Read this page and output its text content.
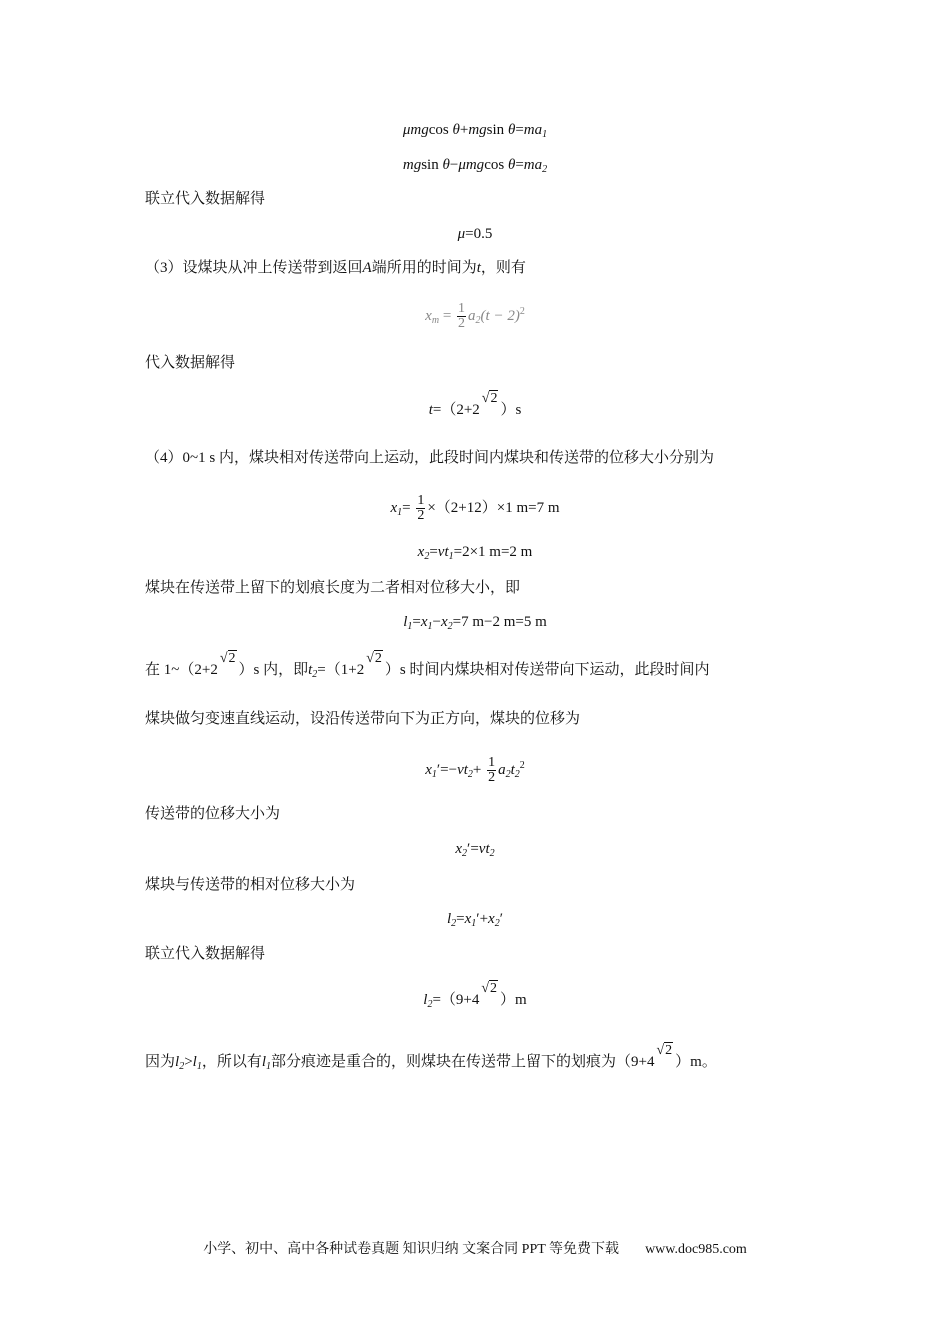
μmgcos θ+mgsin $\theta=ma_1$
mgsin θ−μmgcos $\theta=ma_2$
联立代入数据解得
μ=0.5
（3）设煤块从冲上传送带到返回A端所用的时间为t，则有
$x_m = \frac{1}{2} a_2(t - 2)^2$
代入数据解得
t=（2+2√2）s
（4）0~1 s 内，煤块相对传送带向上运动，此段时间内煤块和传送带的位移大小分别为
$x_1= \frac{1}{2} \times(2+12)\times 1$ m=7 m
$x_2=vt_1=2\times 1$ m=2 m
煤块在传送带上留下的划痕长度为二者相对位移大小，即
$l_1=x_1-x_2=7$ m−2 m=5 m
在 1~（2+2√2）s 内，即$t_2=(1+2√2)s$ 时间内煤块相对传送带向下运动，此段时间内
煤块做匀变速直线运动，设沿传送带向下为正方向，煤块的位移为
$x_1'=-vt_2+ \frac{1}{2} a_2t_2^2$
传送带的位移大小为
$x_2'=vt_2$
煤块与传送带的相对位移大小为
$l_2=x_1'+x_2'$
联立代入数据解得
$l_2=(9+4√2)m$
因为$l_2>l_1$，所以有$l_1$部分痕迹是重合的，则煤块在传送带上留下的划痕为（9+4√2）m。
小学、初中、高中各种试卷真题 知识归纳 文案合同 PPT 等免费下载 www.doc985.com
